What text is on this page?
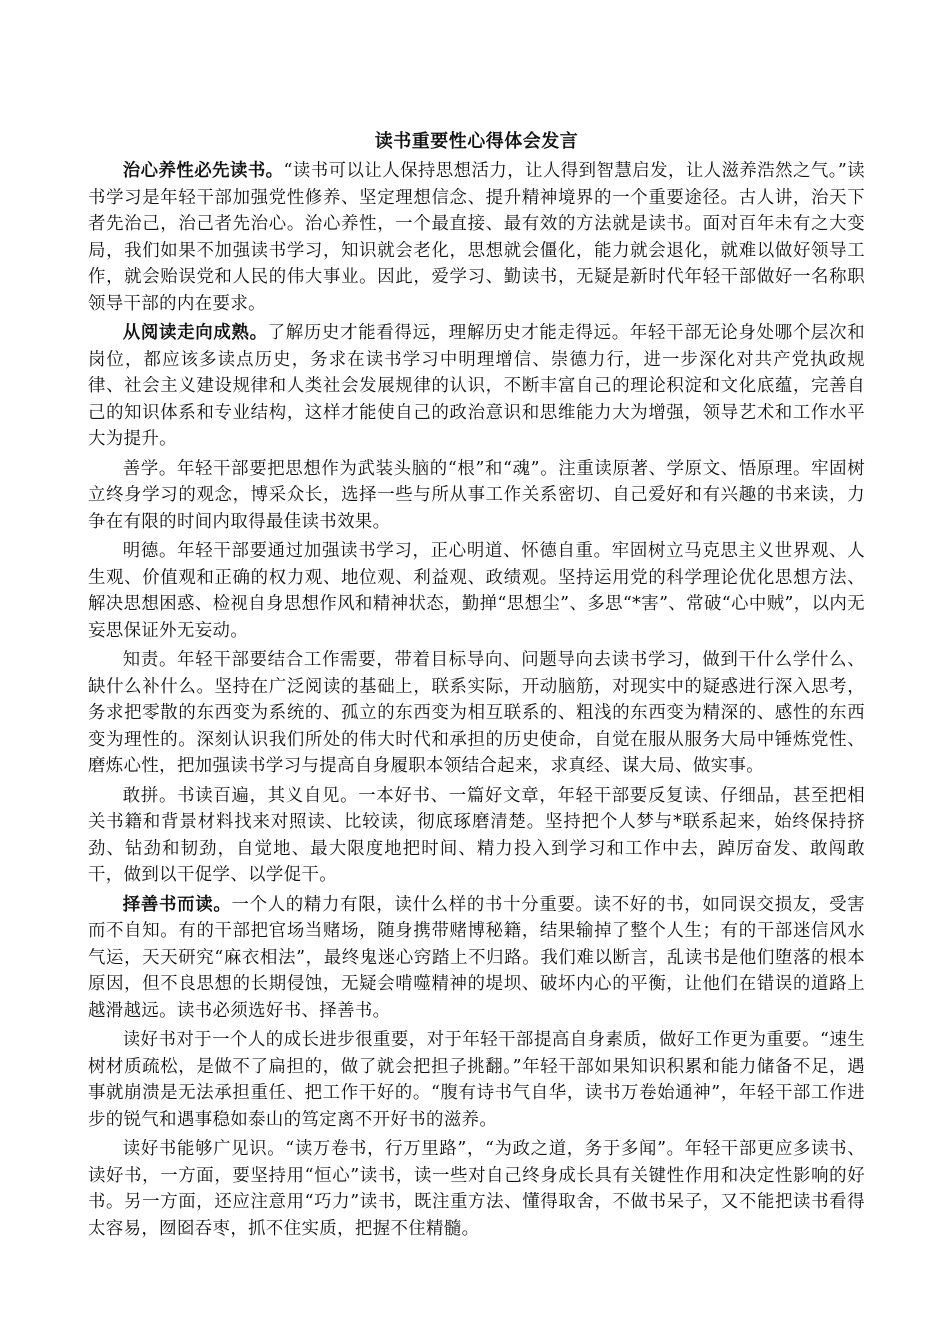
读书重要性心得体会发言

治心养性必先读书。“读书可以让人保持思想活力，让人得到智慧启发，让人滋养浩然之气。”读书学习是年轻干部加强党性修养、坚定理想信念、提升精神境界的一个重要途径。古人讲，治天下者先治己，治己者先治心。治心养性，一个最直接、最有效的方法就是读书。面对百年未有之大变局，我们如果不加强读书学习，知识就会老化，思想就会僵化，能力就会退化，就难以做好领导工作，就会贻误党和人民的伟大事业。因此，爱学习、勤读书，无疑是新时代年轻干部做好一名称职领导干部的内在要求。

从阅读走向成熟。了解历史才能看得远，理解历史才能走得远。年轻干部无论身处哪个层次和岗位，都应该多读点历史，务求在读书学习中明理增信、崇德力行，进一步深化对共产党执政规律、社会主义建设规律和人类社会发展规律的认识，不断丰富自己的理论积淀和文化底蕴，完善自己的知识体系和专业结构，这样才能使自己的政治意识和思维能力大为增强，领导艺术和工作水平大为提升。

善学。年轻干部要把思想作为武装头脑的“根”和“魂”。注重读原著、学原文、悟原理。牢固树立终身学习的观念，博采众长，选择一些与所从事工作关系密切、自己爱好和有兴趣的书来读，力争在有限的时间内取得最佳读书效果。

明德。年轻干部要通过加强读书学习，正心明道、怀德自重。牢固树立马克思主义世界观、人生观、价值观和正确的权力观、地位观、利益观、政绩观。坚持运用党的科学理论优化思想方法、解决思想困惑、检视自身思想作风和精神状态，勤掸“思想尘”、多思“*害”、常破“心中贼”，以内无妄思保证外无妄动。

知责。年轻干部要结合工作需要，带着目标导向、问题导向去读书学习，做到干什么学什么、缺什么补什么。坚持在广泛阅读的基础上，联系实际，开动脑筋，对现实中的疑惑进行深入思考，务求把零散的东西变为系统的、孤立的东西变为相互联系的、粗浅的东西变为精深的、感性的东西变为理性的。深刻认识我们所处的伟大时代和承担的历史使命，自觉在服从服务大局中锤炼党性、磨炼心性，把加强读书学习与提高自身履职本领结合起来，求真经、谋大局、做实事。

敢拼。书读百遍，其义自见。一本好书、一篇好文章，年轻干部要反复读、仔细品，甚至把相关书籍和背景材料找来对照读、比较读，彻底琢磨清楚。坚持把个人梦与*联系起来，始终保持挤劲、钻劲和韧劲，自觉地、最大限度地把时间、精力投入到学习和工作中去，踔厉奋发、敢闯敢干，做到以干促学、以学促干。

择善书而读。一个人的精力有限，读什么样的书十分重要。读不好的书，如同误交损友，受害而不自知。有的干部把官场当赌场，随身携带赌博秘籍，结果输掉了整个人生；有的干部迷信风水气运，天天研究“麻衣相法”，最终鬼迷心窍踏上不归路。我们难以断言，乱读书是他们堕落的根本原因，但不良思想的长期侵蚀，无疑会啃噬精神的堤坝、破坏内心的平衡，让他们在错误的道路上越滑越远。读书必须选好书、择善书。

读好书对于一个人的成长进步很重要，对于年轻干部提高自身素质，做好工作更为重要。“速生树材质疏松，是做不了扁担的，做了就会把担子挑翻。”年轻干部如果知识积累和能力储备不足，遇事就崩溃是无法承担重任、把工作干好的。“腹有诗书气自华，读书万卷始通神”，年轻干部工作进步的锐气和遇事稳如泰山的笃定离不开好书的滋养。

读好书能够广见识。“读万卷书，行万里路”，“为政之道，务于多闻”。年轻干部更应多读书、读好书，一方面，要坚持用“恒心”读书，读一些对自己终身成长具有关键性作用和决定性影响的好书。另一方面，还应注意用“巧力”读书，既注重方法、懂得取舍，不做书呆子，又不能把读书看得太容易，囫囵吞枣，抓不住实质，把握不住精髓。
